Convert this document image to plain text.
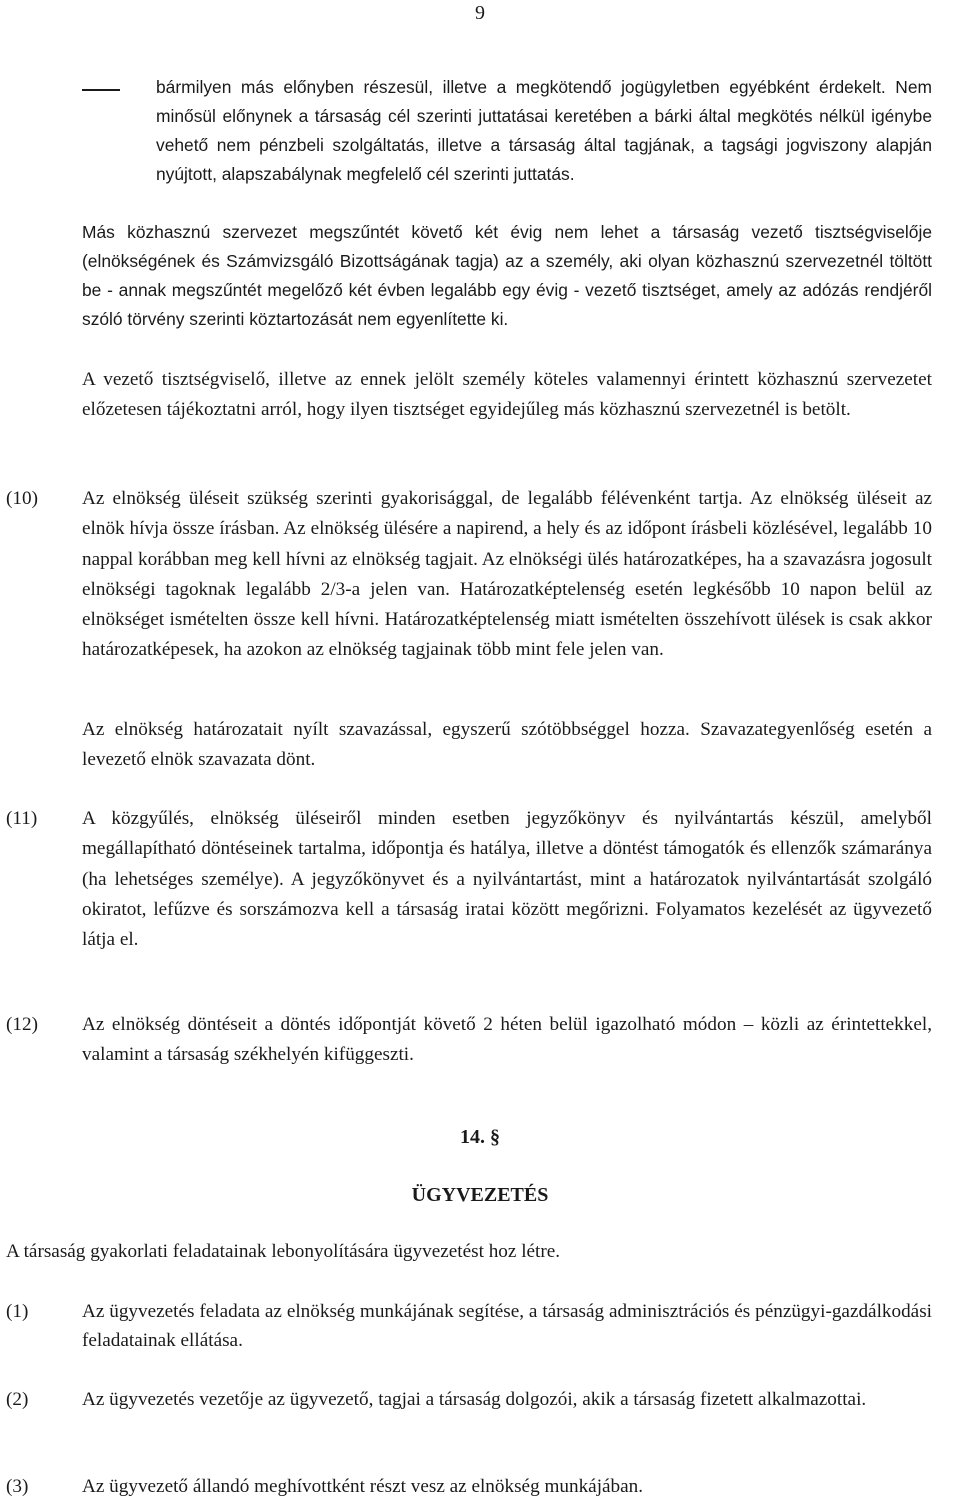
9

bármilyen más előnyben részesül, illetve a megkötendő jogügyletben egyébként érdekelt. Nem minősül előnynek a társaság cél szerinti juttatásai keretében a bárki által megkötés nélkül igénybe vehető nem pénzbeli szolgáltatás, illetve a társaság által tagjának, a tagsági jogviszony alapján nyújtott, alapszabálynak megfelelő cél szerinti juttatás.

Más közhasznú szervezet megszűntét követő két évig nem lehet a társaság vezető tisztségviselője (elnökségének és Számvizsgáló Bizottságának tagja) az a személy, aki olyan közhasznú szervezetnél töltött be - annak megszűntét megelőző két évben legalább egy évig - vezető tisztséget, amely az adózás rendjéről szóló törvény szerinti köztartozását nem egyenlítette ki.

A vezető tisztségviselő, illetve az ennek jelölt személy köteles valamennyi érintett közhasznú szervezetet előzetesen tájékoztatni arról, hogy ilyen tisztséget egyidejűleg más közhasznú szervezetnél is betölt.

(10) Az elnökség üléseit szükség szerinti gyakorisággal, de legalább félévenként tartja. Az elnökség üléseit az elnök hívja össze írásban. Az elnökség ülésére a napirend, a hely és az időpont írásbeli közlésével, legalább 10 nappal korábban meg kell hívni az elnökség tagjait. Az elnökségi ülés határozatképes, ha a szavazásra jogosult elnökségi tagoknak legalább 2/3-a jelen van. Határozatképtelenség esetén legkésőbb 10 napon belül az elnökséget ismételten össze kell hívni. Határozatképtelenség miatt ismételten összehívott ülések is csak akkor határozatképesek, ha azokon az elnökség tagjainak több mint fele jelen van.

Az elnökség határozatait nyílt szavazással, egyszerű szótöbbséggel hozza. Szavazategyenlőség esetén a levezető elnök szavazata dönt.

(11) A közgyűlés, elnökség üléseiről minden esetben jegyzőkönyv és nyilvántartás készül, amelyből megállapítható döntéseinek tartalma, időpontja és hatálya, illetve a döntést támogatók és ellenzők számaránya (ha lehetséges személye). A jegyzőkönyvet és a nyilvántartást, mint a határozatok nyilvántartását szolgáló okiratot, lefűzve és sorszámozva kell a társaság iratai között megőrizni. Folyamatos kezelését az ügyvezető látja el.

(12) Az elnökség döntéseit a döntés időpontját követő 2 héten belül igazolható módon – közli az érintettekkel, valamint a társaság székhelyén kifüggeszti.

14. §
ÜGYVEZETÉS

A társaság gyakorlati feladatainak lebonyolítására ügyvezetést hoz létre.

(1)	Az ügyvezetés feladata az elnökség munkájának segítése, a társaság adminisztrációs és pénzügyi-gazdálkodási feladatainak ellátása.

(2)	Az ügyvezetés vezetője az ügyvezető, tagjai a társaság dolgozói, akik a társaság fizetett alkalmazottai.

(3)	Az ügyvezető állandó meghívottként részt vesz az elnökség munkájában.
